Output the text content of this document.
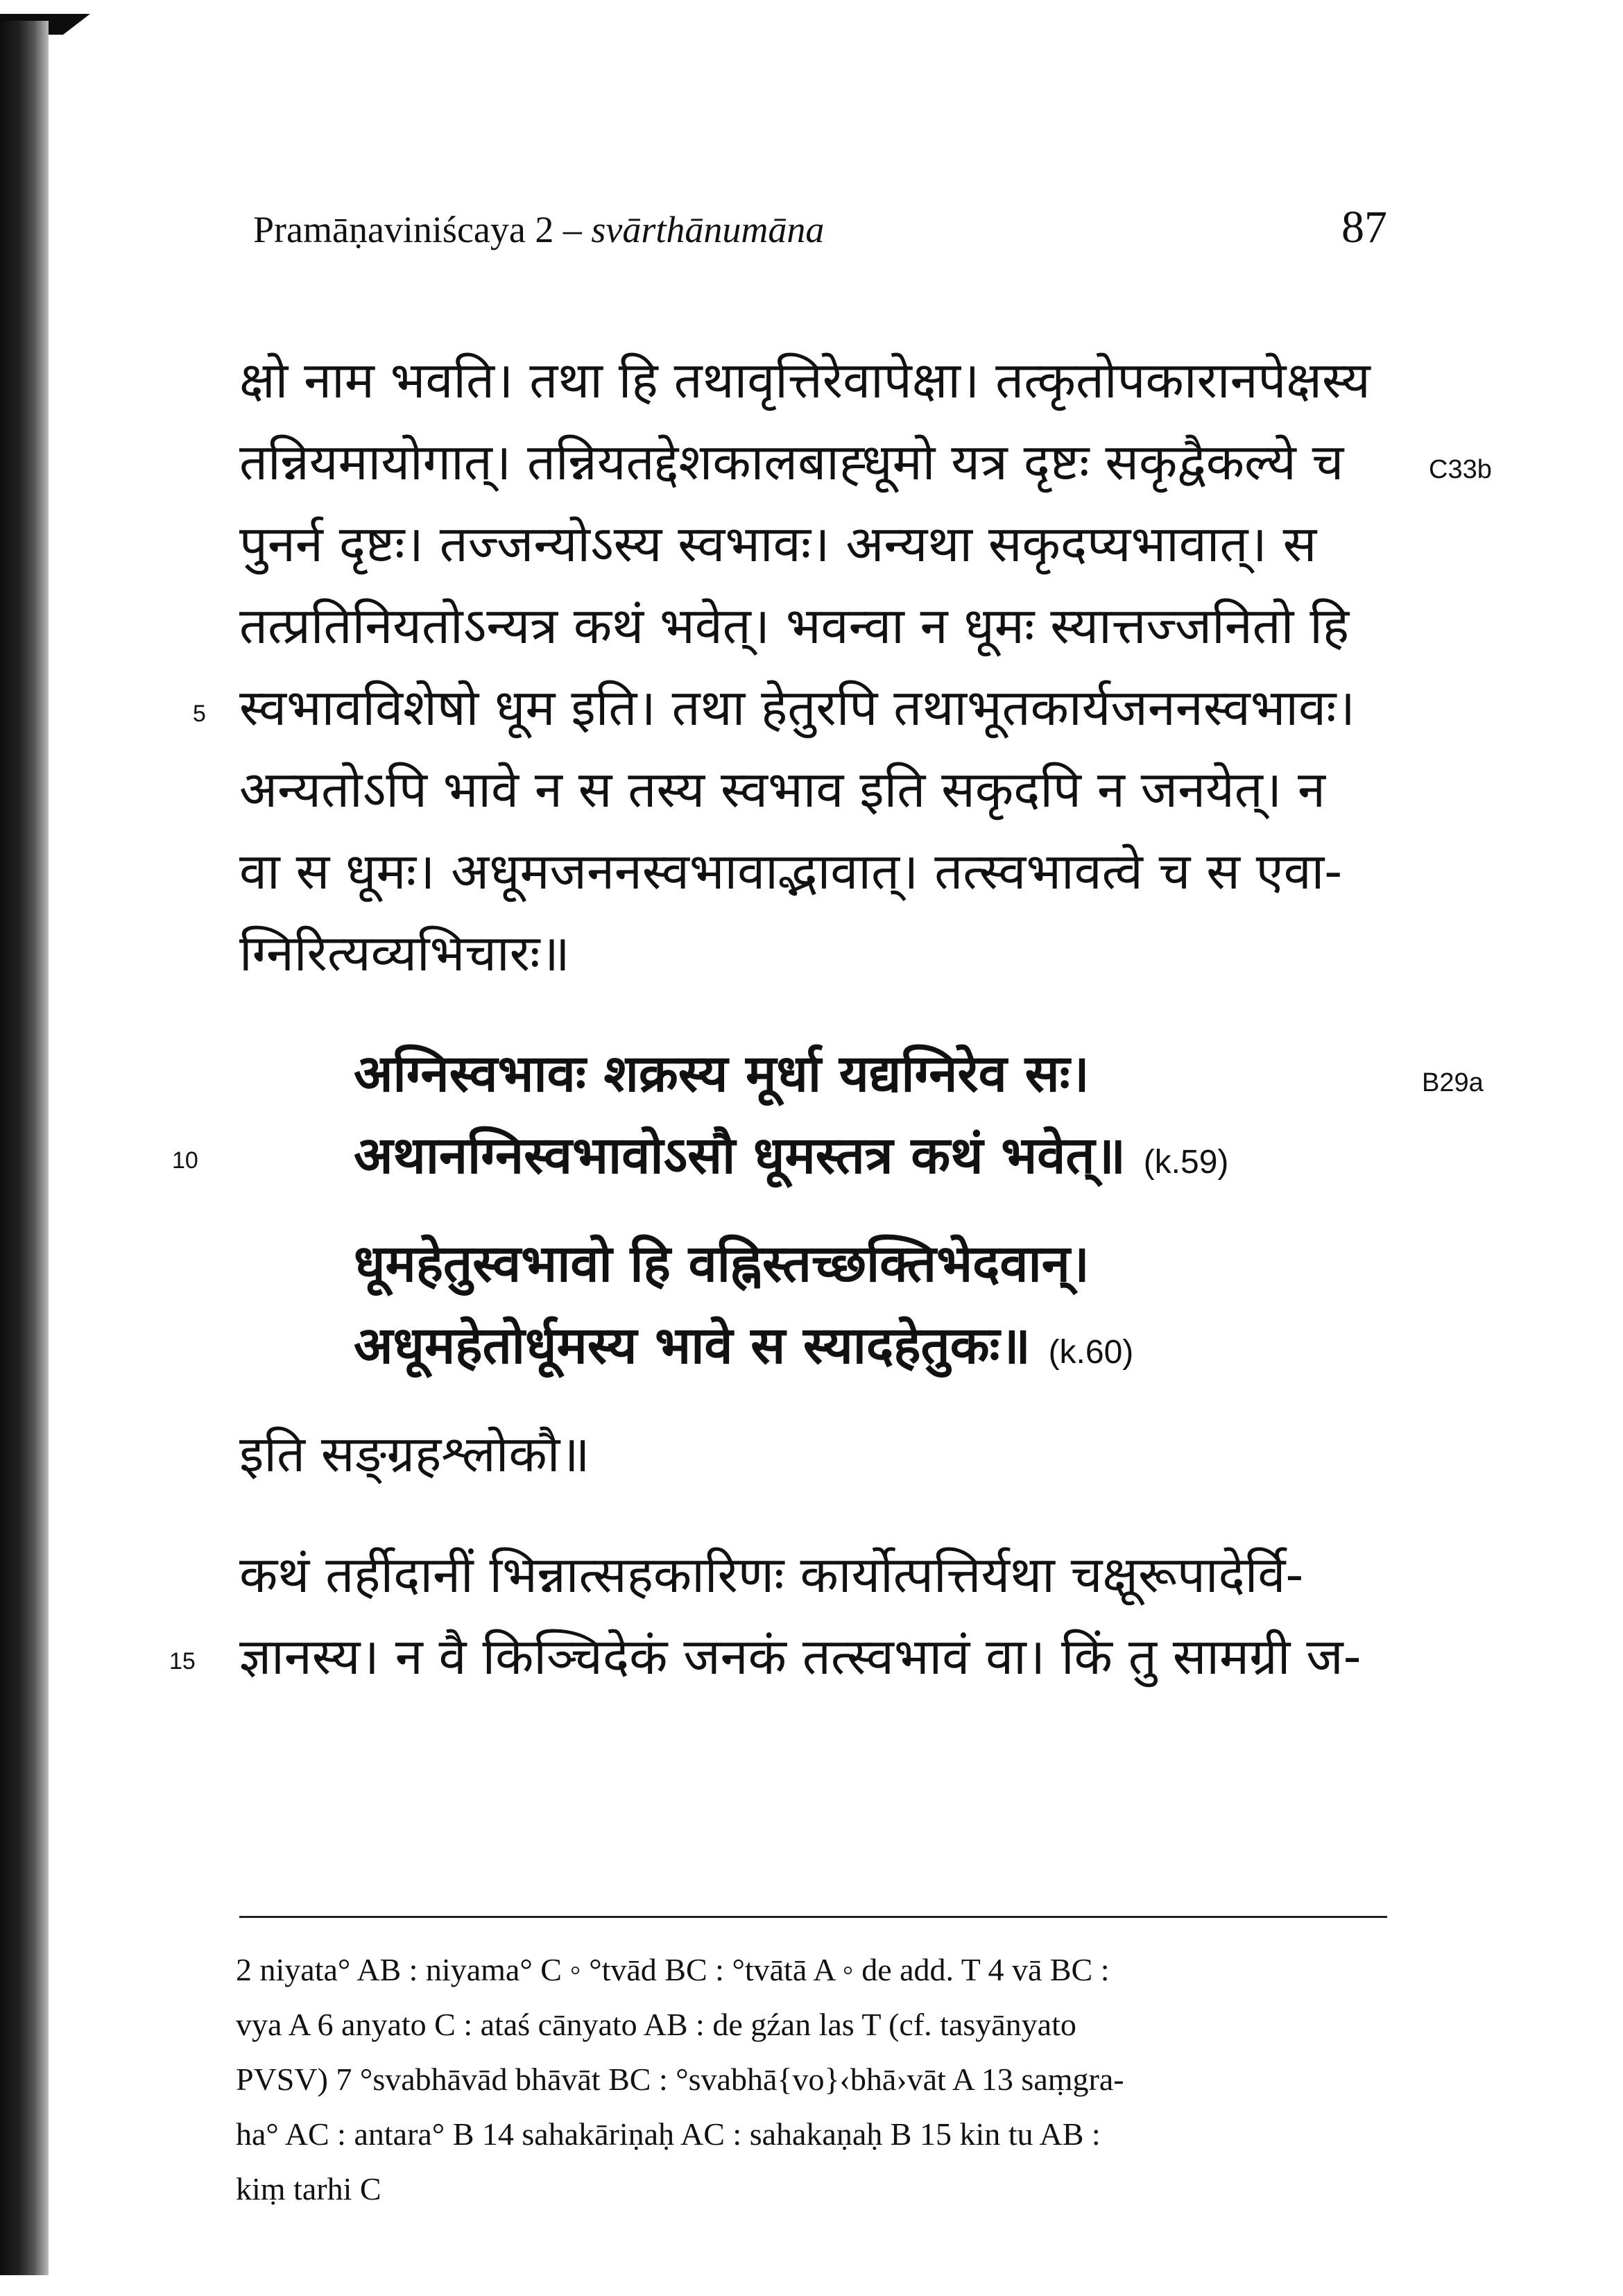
Pramāṇaviniścaya 2 – svārthānumāna	87
क्षो नाम भवति। तथा हि तथावृत्तिरेवापेक्षा। तत्कृतोपकारानपेक्षस्य
तन्नियमायोगात्। तन्नियतद्देशकालबाह्धूमो यत्र दृष्टः सकृद्वैकल्ये च
पुनर्न दृष्टः। तज्जन्योऽस्य स्वभावः। अन्यथा सकृदप्यभावात्। स
तत्प्रतिनियतोऽन्यत्र कथं भवेत्। भवन्वा न धूमः स्यात्तज्जनितो हि
स्वभावविशेषो धूम इति। तथा हेतुरपि तथाभूतकार्यजननस्वभावः।
अन्यतोऽपि भावे न स तस्य स्वभाव इति सकृदपि न जनयेत्। न
वा स धूमः। अधूमजननस्वभावाद्भावात्। तत्स्वभावत्वे च स एवा-
ग्निरित्यव्यभिचारः॥
अग्निस्वभावः शक्रस्य मूर्धा यद्यग्निरेव सः।
अथानग्निस्वभावोऽसौ धूमस्तत्र कथं भवेत्॥ (k.59)
धूमहेतुस्वभावो हि वह्निस्तच्छक्तिभेदवान्।
अधूमहेतोर्धूमस्य भावे स स्यादहेतुकः॥ (k.60)
इति सङ्ग्रहश्लोकौ॥
कथं तर्हीदानीं भिन्नात्सहकारिणः कार्योत्पत्तिर्यथा चक्षूरूपादेर्वि-
ज्ञानस्य। न वै किञ्चिदेकं जनकं तत्स्वभावं वा। किं तु सामग्री ज-
5
10
15
C33b
B29a
2 niyata° AB : niyama° C ◦ °tvād BC : °tvātā A ◦ de add. T 4 vā BC :
vya A 6 anyato C : ataś cānyato AB : de gźan las T (cf. tasyānyato
PVSV) 7 °svabhāvād bhāvāt BC : °svabhā{vo}‹bhā›vāt A 13 saṃgra-
ha° AC : antara° B 14 sahakāriṇaḥ AC : sahakaṇaḥ B 15 kin tu AB :
kiṃ tarhi C
